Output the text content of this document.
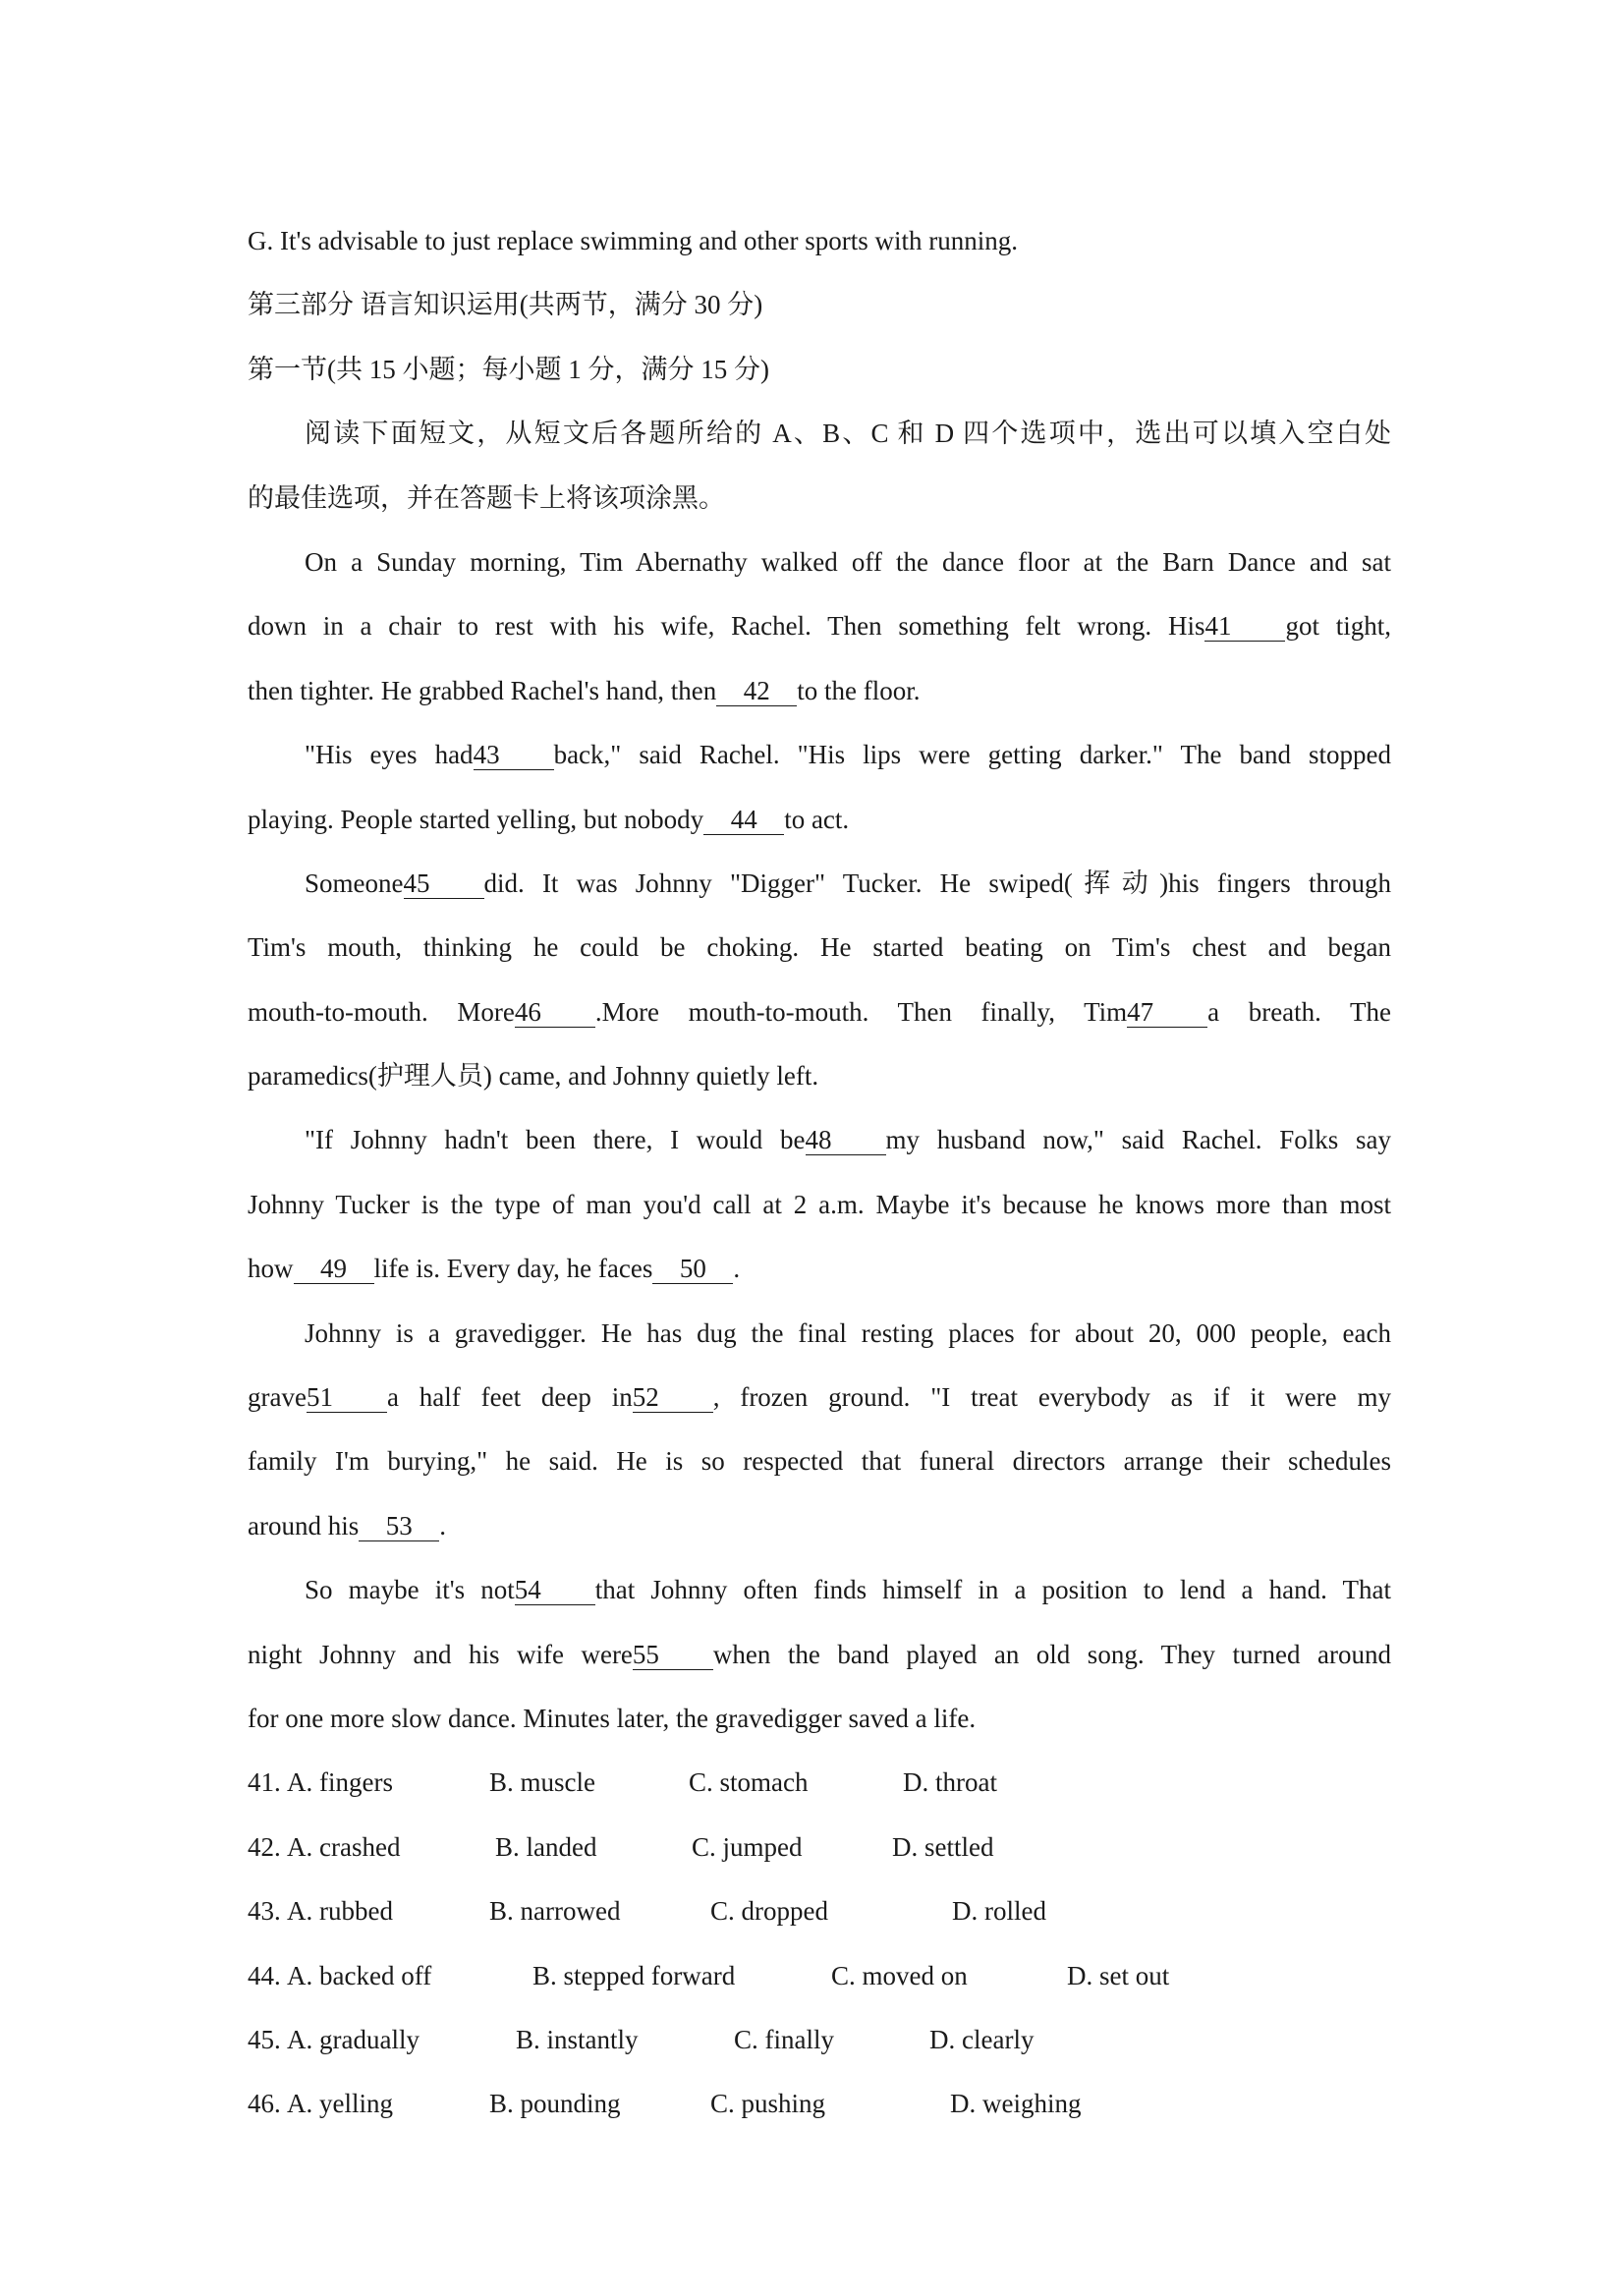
G. It's advisable to just replace swimming and other sports with running.
第三部分 语言知识运用(共两节，满分 30 分)
第一节(共 15 小题；每小题 1 分，满分 15 分)
阅读下面短文，从短文后各题所给的 A、B、C 和 D 四个选项中，选出可以填入空白处
的最佳选项，并在答题卡上将该项涂黑。
On a Sunday morning, Tim Abernathy walked off the dance floor at the Barn Dance and sat
down in a chair to rest with his wife, Rachel. Then something felt wrong. His41 got tight,
then tighter. He grabbed Rachel's hand, then 42 to the floor.
"His eyes had43 back," said Rachel. "His lips were getting darker." The band stopped
playing. People started yelling, but nobody 44 to act.
Someone45 did. It was Johnny "Digger" Tucker. He swiped(挥动)his fingers through
Tim's mouth, thinking he could be choking. He started beating on Tim's chest and began
mouth-to-mouth. More46 .More mouth-to-mouth. Then finally, Tim47 a breath. The
paramedics(护理人员) came, and Johnny quietly left.
"If Johnny hadn't been there, I would be48 my husband now," said Rachel. Folks say
Johnny Tucker is the type of man you'd call at 2 a.m. Maybe it's because he knows more than most
how 49 life is. Every day, he faces 50 .
Johnny is a gravedigger. He has dug the final resting places for about 20, 000 people, each
grave51 a half feet deep in52 , frozen ground. "I treat everybody as if it were my
family I'm burying," he said. He is so respected that funeral directors arrange their schedules
around his 53 .
So maybe it's not54 that Johnny often finds himself in a position to lend a hand. That
night Johnny and his wife were55 when the band played an old song. They turned around
for one more slow dance. Minutes later, the gravedigger saved a life.
41. A. fingers	B. muscle	C. stomach	D. throat
42. A. crashed	B. landed	C. jumped	D. settled
43. A. rubbed	B. narrowed	C. dropped	D. rolled
44. A. backed off	B. stepped forward	C. moved on	D. set out
45. A. gradually	B. instantly	C. finally	D. clearly
46. A. yelling	B. pounding	C. pushing	D. weighing
